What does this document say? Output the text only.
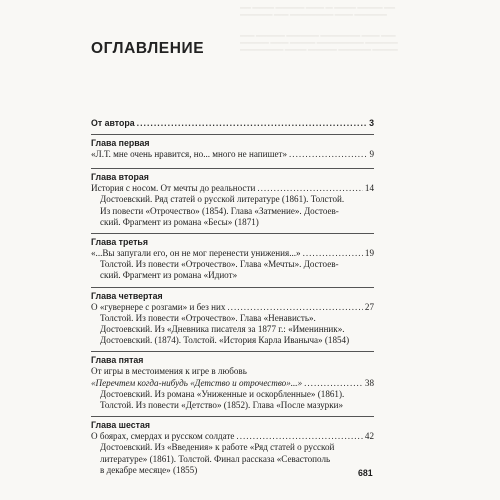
━━━ ━━━━━━ ━━━━━━━━ ━━━━━ ━━ ━━━━━━ ━━━━━━━ ━━━
━━━━━━━━━ ━━━━ ━━━━━━━━━━━━ ━━━━━ ━━━━━━━━━

━━━━ ━━━━━━━━ ━━━━━━━━━ ━━━━━━━━━━━ ━━━━━ ━━━━
━━━━━━━━ ━━━━━ ━━━━━━━ ━━━━━━━━━━━━━ ━━━━━━━━━
━━━━━━━━━━━━ ━━━━━━ ━━━━━━━━ ━━━━━━━━━ ━━━━━━━
ОГЛАВЛЕНИЕ
От автора .....	3
Глава первая
«Л.Т. мне очень нравится, но... много не напишет» .....	9
Глава вторая
История с носом. От мечты до реальности .....	14
Достоевский. Ряд статей о русской литературе (1861). Толстой.
Из повести «Отрочество» (1854). Глава «Затмение». Достоев-
ский. Фрагмент из романа «Бесы» (1871)
Глава третья
«...Вы запугали его, он не мог перенести унижения...» .....	19
Толстой. Из повести «Отрочество». Глава «Мечты». Достоев-
ский. Фрагмент из романа «Идиот»
Глава четвертая
О «гувернере с розгами» и без них .....	27
Толстой. Из повести «Отрочество». Глава «Ненависть».
Достоевский. Из «Дневника писателя за 1877 г.: «Именинник».
Достоевский. (1874). Толстой. «История Карла Иваныча» (1854)
Глава пятая
От игры в местоимения к игре в любовь
«Перечтем когда-нибудь «Детство и отрочество»...» .....	38
Достоевский. Из романа «Униженные и оскорбленные» (1861).
Толстой. Из повести «Детство» (1852). Глава «После мазурки»
Глава шестая
О боярах, смердах и русском солдате .....	42
Достоевский. Из «Введения» к работе «Ряд статей о русской
литературе» (1861). Толстой. Финал рассказа «Севастополь
в декабре месяце» (1855)	681
